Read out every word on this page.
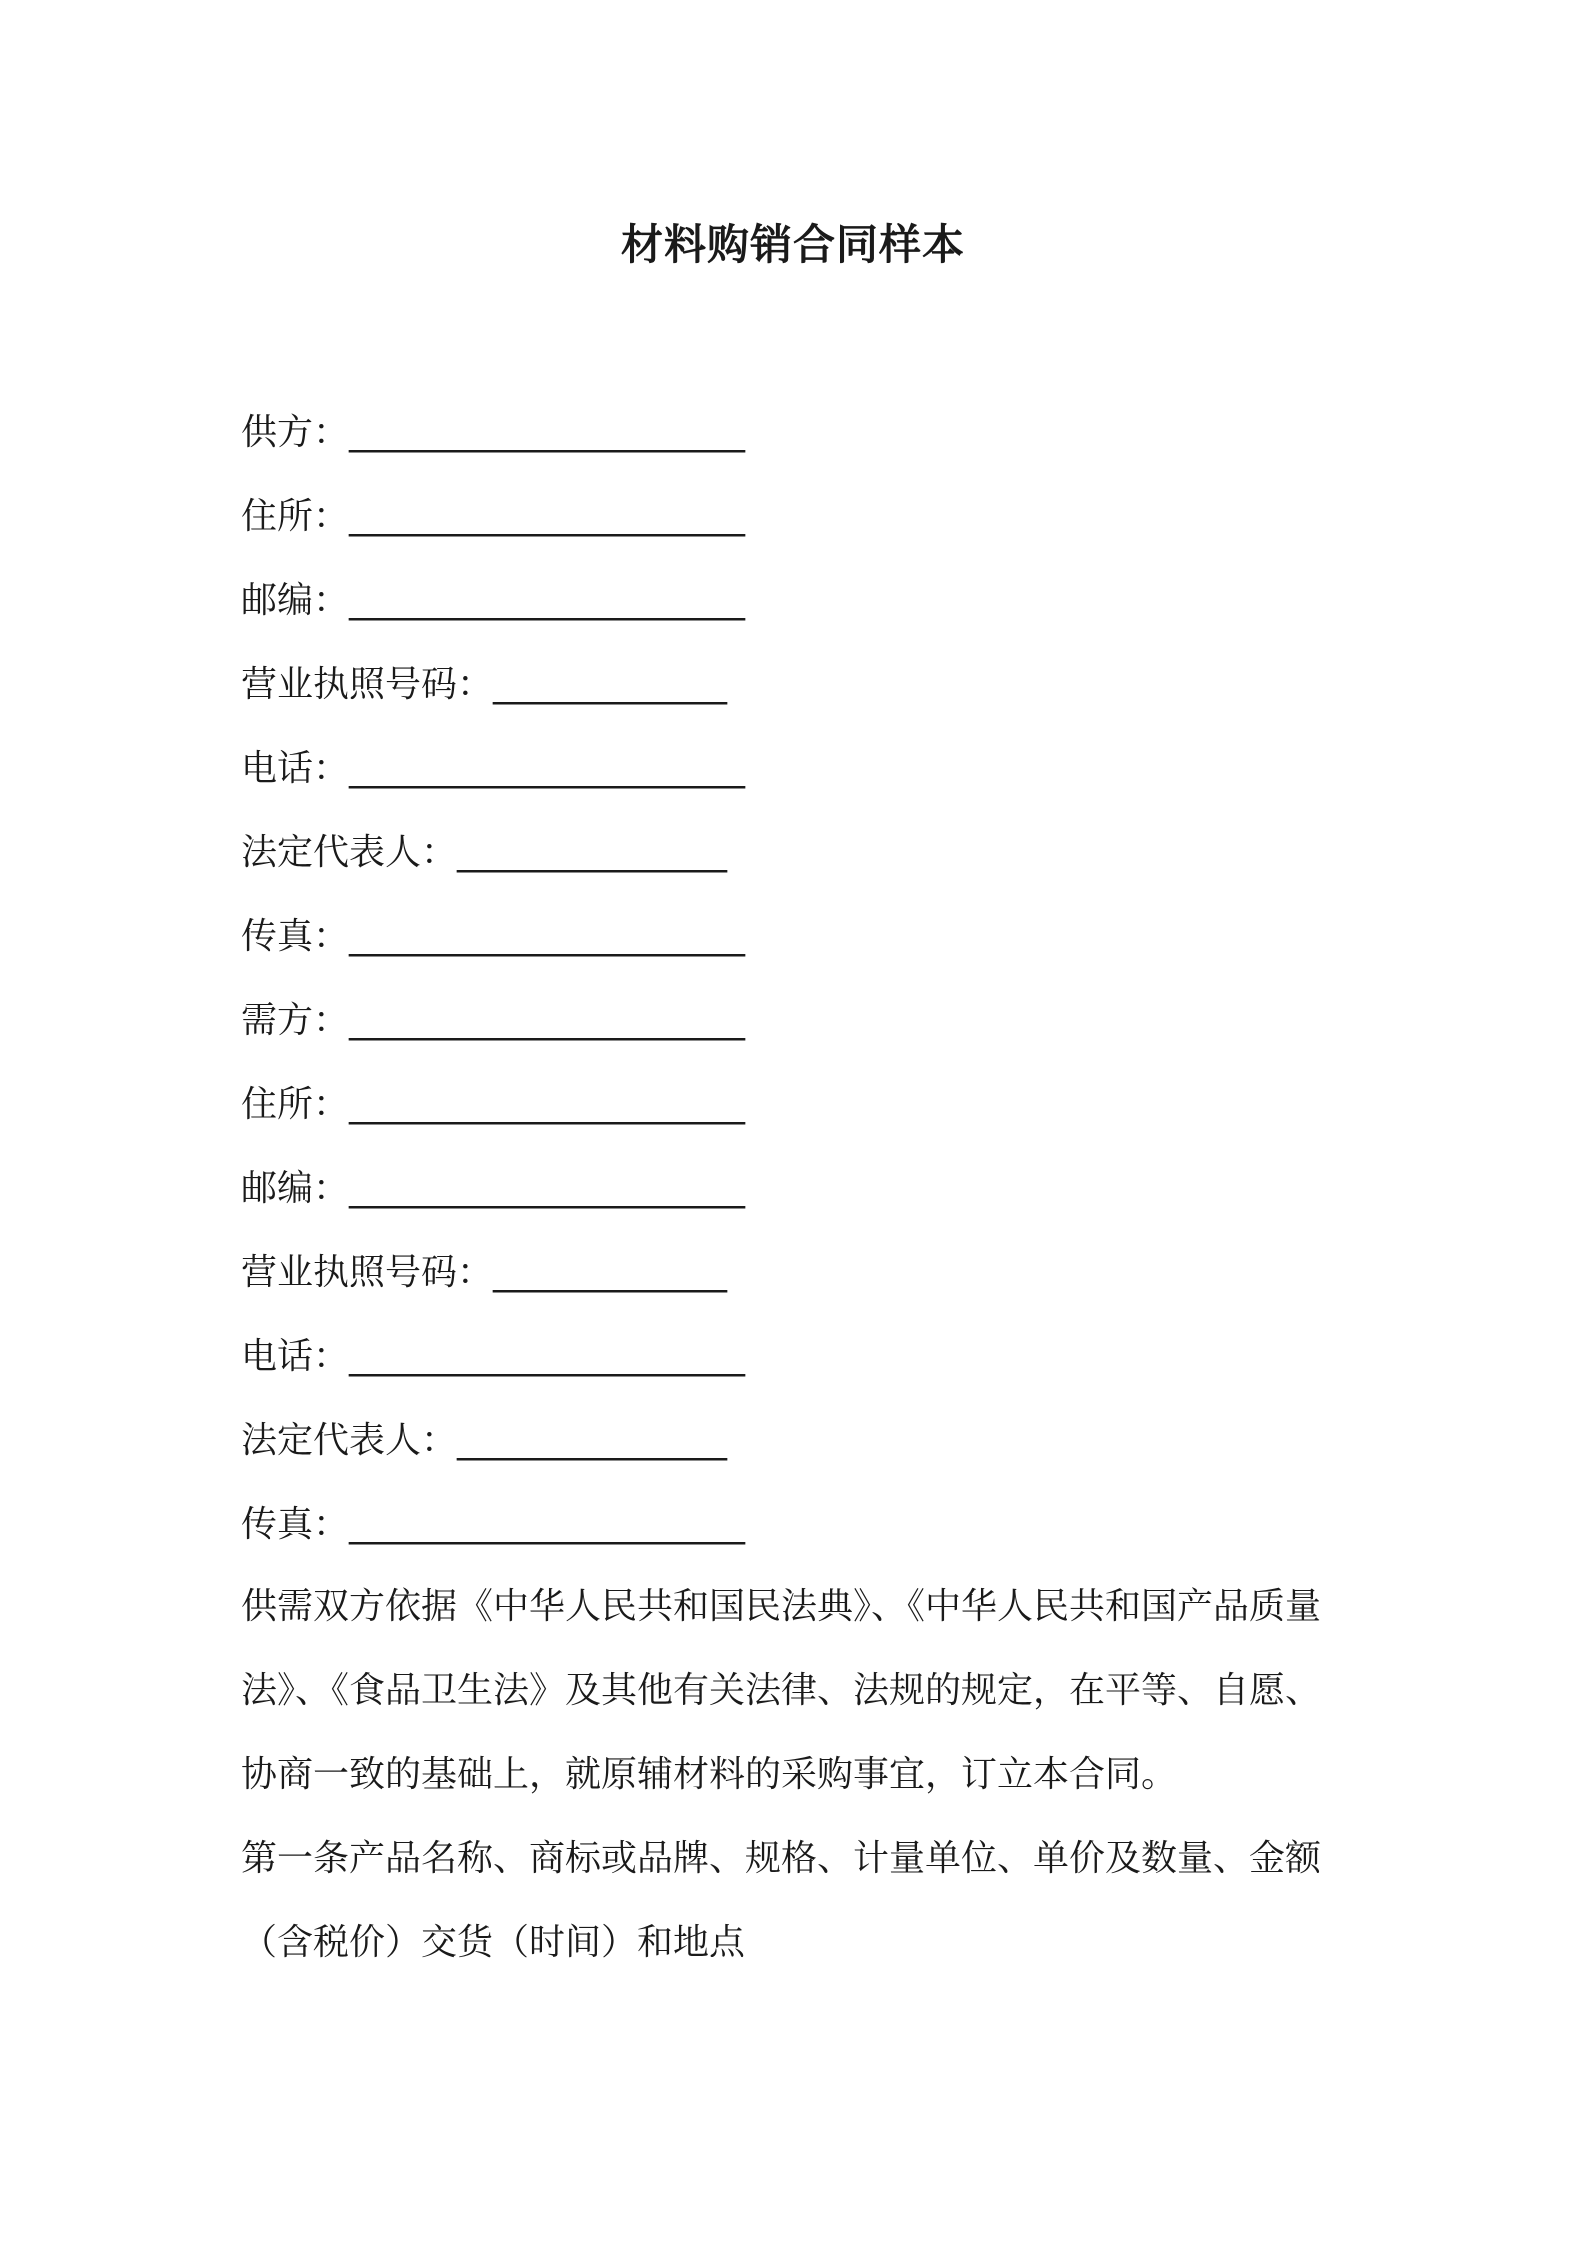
材料购销合同样本
供方：______________________
住所：______________________
邮编：______________________
营业执照号码：_____________
电话：______________________
法定代表人：_______________
传真：______________________
需方：______________________
住所：______________________
邮编：______________________
营业执照号码：_____________
电话：______________________
法定代表人：_______________
传真：______________________
供需双方依据《中华人民共和国民法典》、《中华人民共和国产品质量
法》、《食品卫生法》及其他有关法律、法规的规定，在平等、自愿、
协商一致的基础上，就原辅材料的采购事宜，订立本合同。
第一条产品名称、商标或品牌、规格、计量单位、单价及数量、金额
（含税价）交货（时间）和地点
